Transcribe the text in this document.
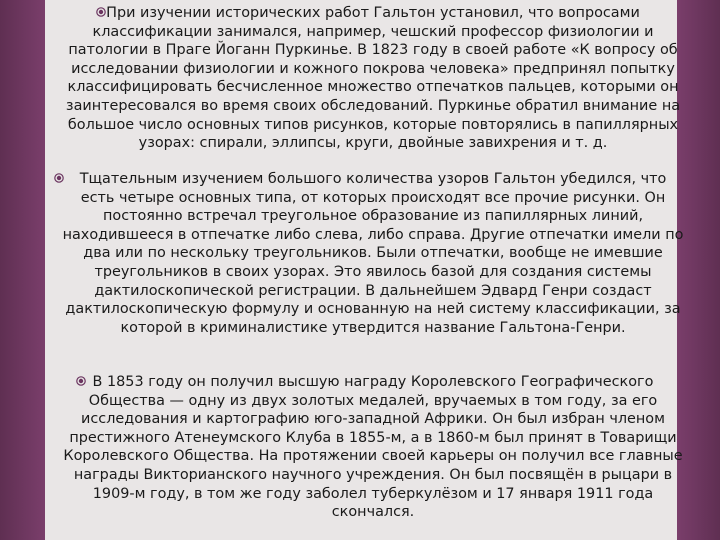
При изучении исторических работ Гальтон установил, что вопросами классификации занимался, например, чешский профессор физиологии и патологии в Праге Йоганн Пуркинье. В 1823 году в своей работе «К вопросу об исследовании физиологии и кожного покрова человека» предпринял попытку классифицировать бесчисленное множество отпечатков пальцев, которыми он заинтересовался во время своих обследований. Пуркинье обратил внимание на большое число основных типов рисунков, которые повторялись в папиллярных узорах: спирали, эллипсы, круги, двойные завихрения и т. д.

Тщательным изучением большого количества узоров Гальтон убедился, что есть четыре основных типа, от которых происходят все прочие рисунки. Он постоянно встречал треугольное образование из папиллярных линий, находившееся в отпечатке либо слева, либо справа. Другие отпечатки имели по два или по нескольку треугольников. Были отпечатки, вообще не имевшие треугольников в своих узорах. Это явилось базой для создания системы дактилоскопической регистрации. В дальнейшем Эдвард Генри создаст дактилоскопическую формулу и основанную на ней систему классификации, за которой в криминалистике утвердится название Гальтона-Генри.

В 1853 году он получил высшую награду Королевского Географического Общества — одну из двух золотых медалей, вручаемых в том году, за его исследования и картографию юго-западной Африки. Он был избран членом престижного Атенеумского Клуба в 1855-м, а в 1860-м был принят в Товарищи Королевского Общества. На протяжении своей карьеры он получил все главные награды Викторианского научного учреждения. Он был посвящён в рыцари в 1909-м году, в том же году заболел туберкулёзом и 17 января 1911 года скончался.
